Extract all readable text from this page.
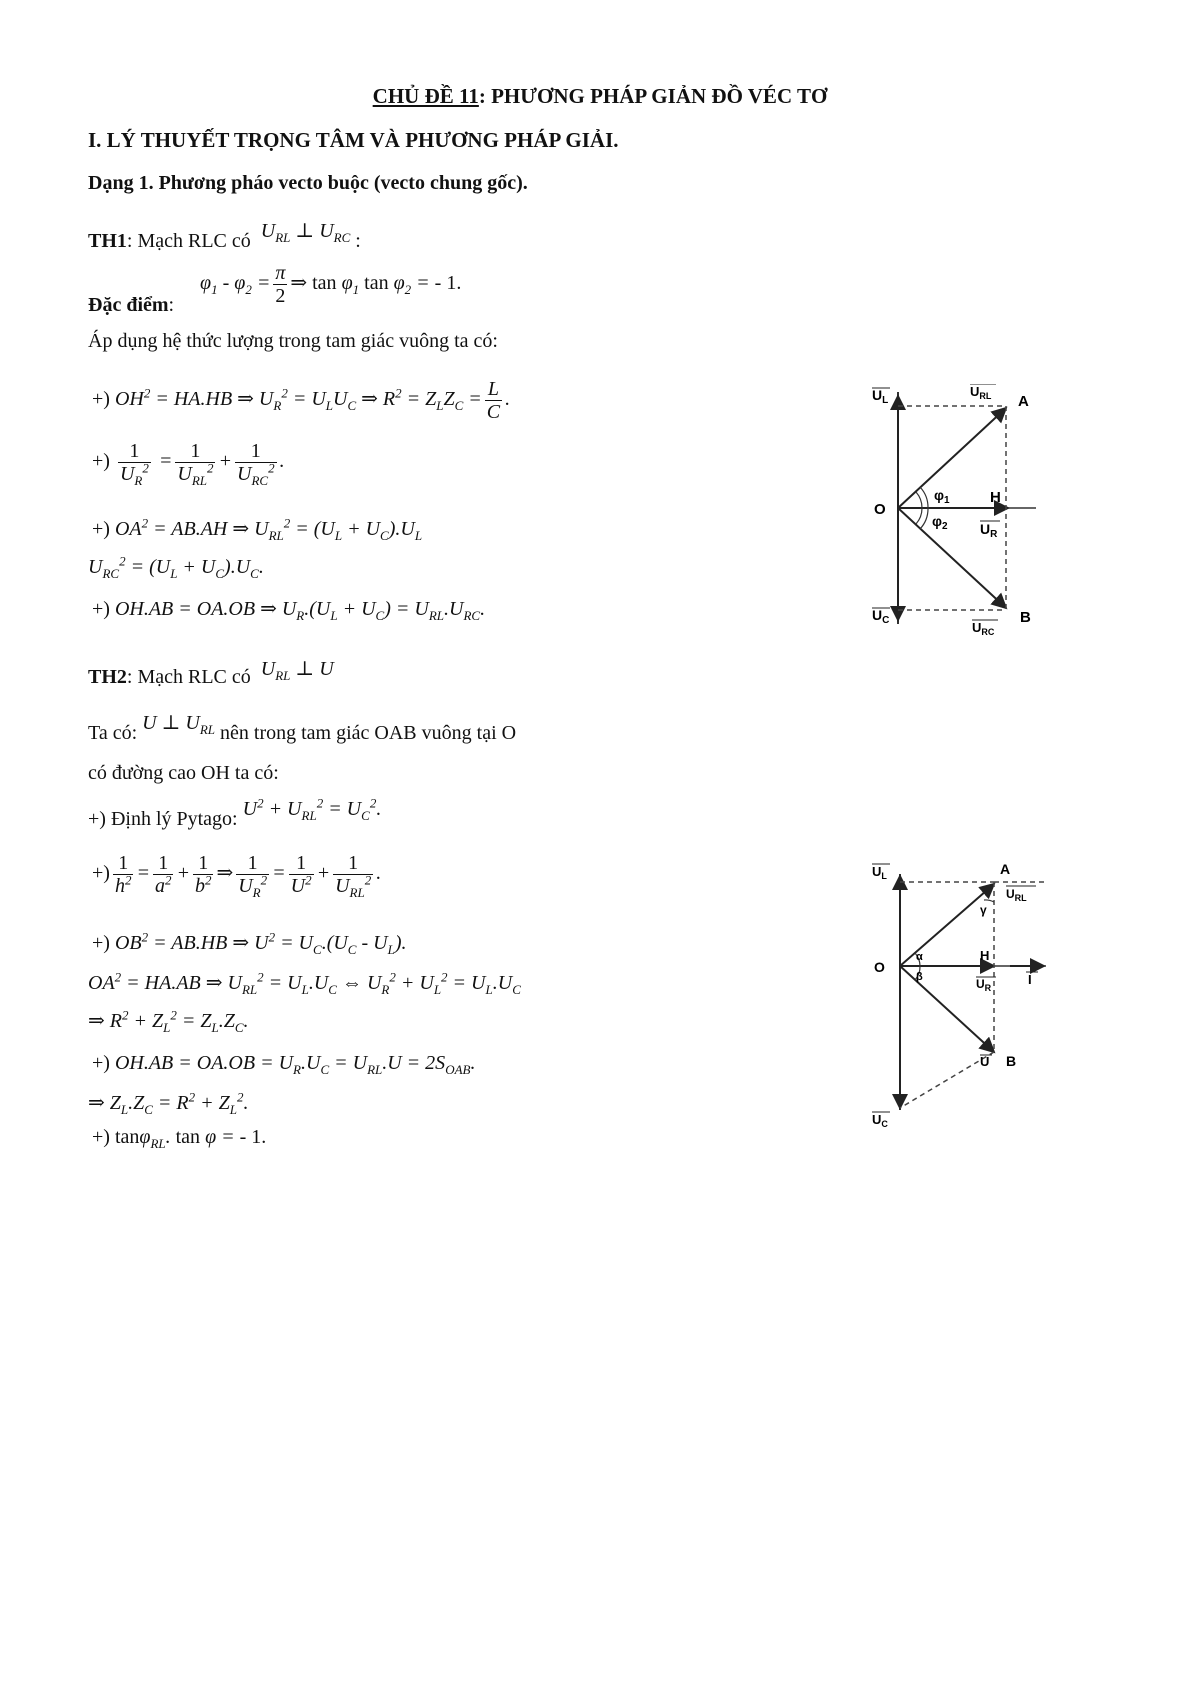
CHỦ ĐỀ 11: PHƯƠNG PHÁP GIẢN ĐỒ VÉC TƠ
I. LÝ THUYẾT TRỌNG TÂM VÀ PHƯƠNG PHÁP GIẢI.
Dạng 1. Phương pháo vecto buộc (vecto chung gốc).
TH1: Mạch RLC có  $U_{RL}$ ⊥ $U_{RC}$ :
$\varphi_1 - \varphi_2 = \frac{\pi}{2}$ ⇒ $\tan \varphi_1$ $\tan \varphi_2$ = - 1.
Đặc điểm:
Áp dụng hệ thức lượng trong tam giác vuông ta có:
+) $OH^2 = HA.HB$ ⇒ $U_R^2 = U_LU_C$ ⇒ $R^2 = Z_LZ_C = \frac{L}{C}$ .
+) $\frac{1}{U_R^2} = \frac{1}{U_{RL}^2} + \frac{1}{U_{RC}^2}$ .
+) $OA^2 = AB.AH$ ⇒ $U_{RL}^2 = (U_L + U_C).U_L$
$U_{RC}^2 = (U_L + U_C).U_C$.
+) OH.AB = OA.OB ⇒ $U_R.(U_L + U_C) = U_{RL}.U_{RC}$.
TH2: Mạch RLC có  $U_{RL}$ ⊥ U
Ta có: U ⊥ $U_{RL}$ nên trong tam giác OAB vuông tại O
có đường cao OH ta có:
+) Định lý Pytago: $U^2 + U_{RL}^2 = U_C^2$.
+) $\frac{1}{h^2} = \frac{1}{a^2} + \frac{1}{b^2}$ ⇒ $\frac{1}{U_R^2} = \frac{1}{U^2} + \frac{1}{U_{RL}^2}$ .
+) $OB^2 = AB.HB$ ⇒ $U^2 = U_C.(U_C - U_L)$.
$OA^2 = HA.AB$ ⇒ $U_{RL}^2 = U_L.U_C$ ⇔ $U_R^2 + U_L^2 = U_L.U_C$
⇒ $R^2 + Z_L^2 = Z_L.Z_C$.
+) $OH.AB = OA.OB = U_R.U_C = U_{RL}.U = 2S_{OAB}$.
⇒ $Z_L.Z_C = R^2 + Z_L^2$.
+) tanφ$_{RL}$. tan φ = - 1.
$U_L$
$U_{RL}$ A
O
H
$U_R$
$\varphi_1$
$\varphi_2$
$U_C$	$U_{RC}$
B
$U_L$	A
$U_{RL}$
γ
O
α
β
H
$U_R$
I
U B
$U_C$
